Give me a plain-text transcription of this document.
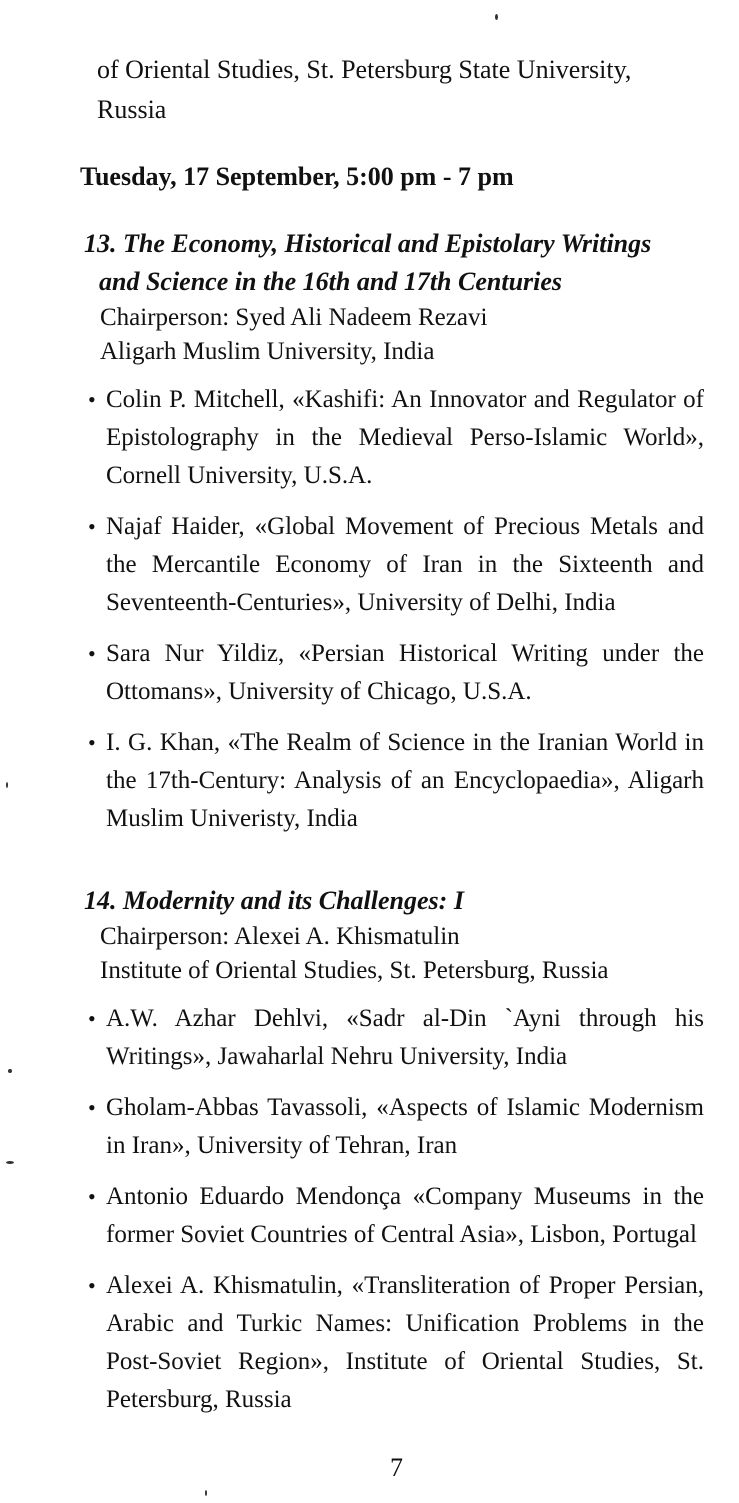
of Oriental Studies, St. Petersburg State University,
Russia
Tuesday, 17 September, 5:00 pm - 7 pm

13. The Economy, Historical and Epistolary Writings
and Science in the 16th and 17th Centuries

Chairperson: Syed Ali Nadeem Rezavi
Aligarh Muslim University, India
• Colin P. Mitchell, «Kashifi: An Innovator and Regulator of Epistolography in the Medieval Perso-Islamic World», Cornell University, U.S.A.
• Najaf Haider, «Global Movement of Precious Metals and the Mercantile Economy of Iran in the Sixteenth and Seventeenth-Centuries», University of Delhi, India
• Sara Nur Yildiz, «Persian Historical Writing under the Ottomans», University of Chicago, U.S.A.
• I. G. Khan, «The Realm of Science in the Iranian World in the 17th-Century: Analysis of an Encyclopaedia», Aligarh Muslim Univeristy, India

14. Modernity and its Challenges: I

Chairperson: Alexei A. Khismatulin
Institute of Oriental Studies, St. Petersburg, Russia
• A.W. Azhar Dehlvi, «Sadr al-Din `Ayni through his Writings», Jawaharlal Nehru University, India
• Gholam-Abbas Tavassoli, «Aspects of Islamic Modernism in Iran», University of Tehran, Iran
• Antonio Eduardo Mendonça «Company Museums in the former Soviet Countries of Central Asia», Lisbon, Portugal
• Alexei A. Khismatulin, «Transliteration of Proper Persian, Arabic and Turkic Names: Unification Problems in the Post-Soviet Region», Institute of Oriental Studies, St. Petersburg, Russia
7
